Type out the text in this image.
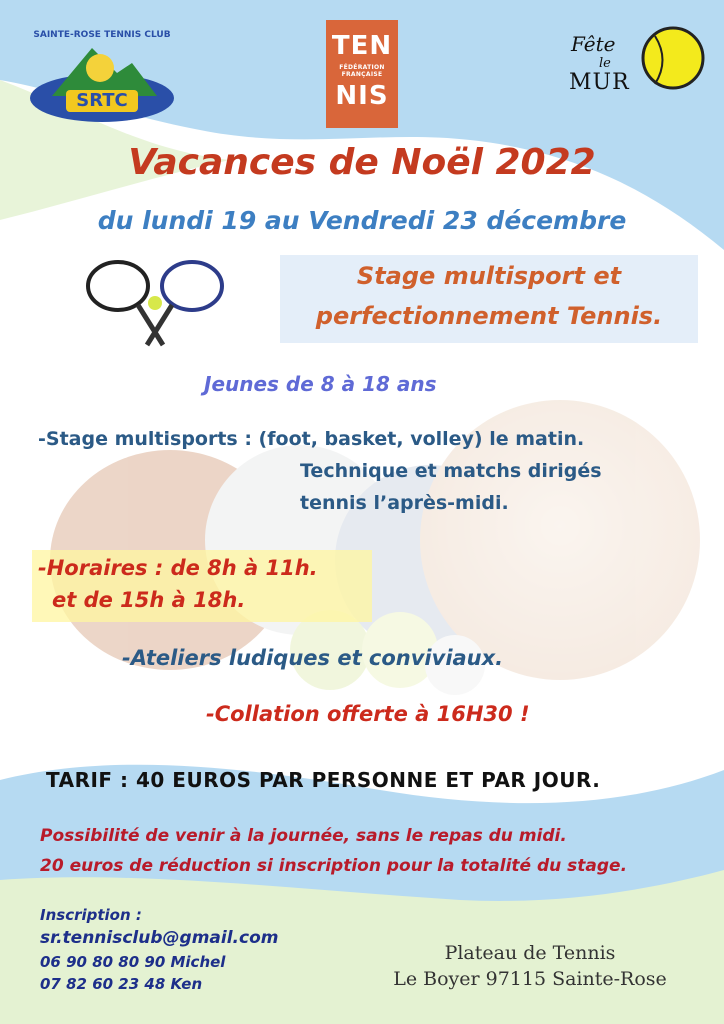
SRTC
SAINTE-ROSE TENNIS CLUB	TEN
FÉDÉRATION
FRANÇAISE
NIS
Fête
le
MUR
Vacances de Noël 2022
du lundi 19 au Vendredi 23 décembre
Stage multisport et
perfectionnement Tennis.
Jeunes de 8 à 18 ans
-Stage multisports : (foot, basket, volley) le matin.
Technique et matchs dirigés
tennis l’après-midi.
-Horaires : de 8h à 11h.
et de 15h à 18h.
-Ateliers ludiques et conviviaux.
-Collation offerte à 16H30 !
TARIF : 40 EUROS PAR PERSONNE ET PAR JOUR.
Possibilité de venir à la journée, sans le repas du midi.
20 euros de réduction si inscription pour la totalité du stage.
Inscription :
sr.tennisclub@gmail.com
06 90 80 80 90 Michel
07 82 60 23 48 Ken
Plateau de Tennis
Le Boyer 97115 Sainte-Rose
